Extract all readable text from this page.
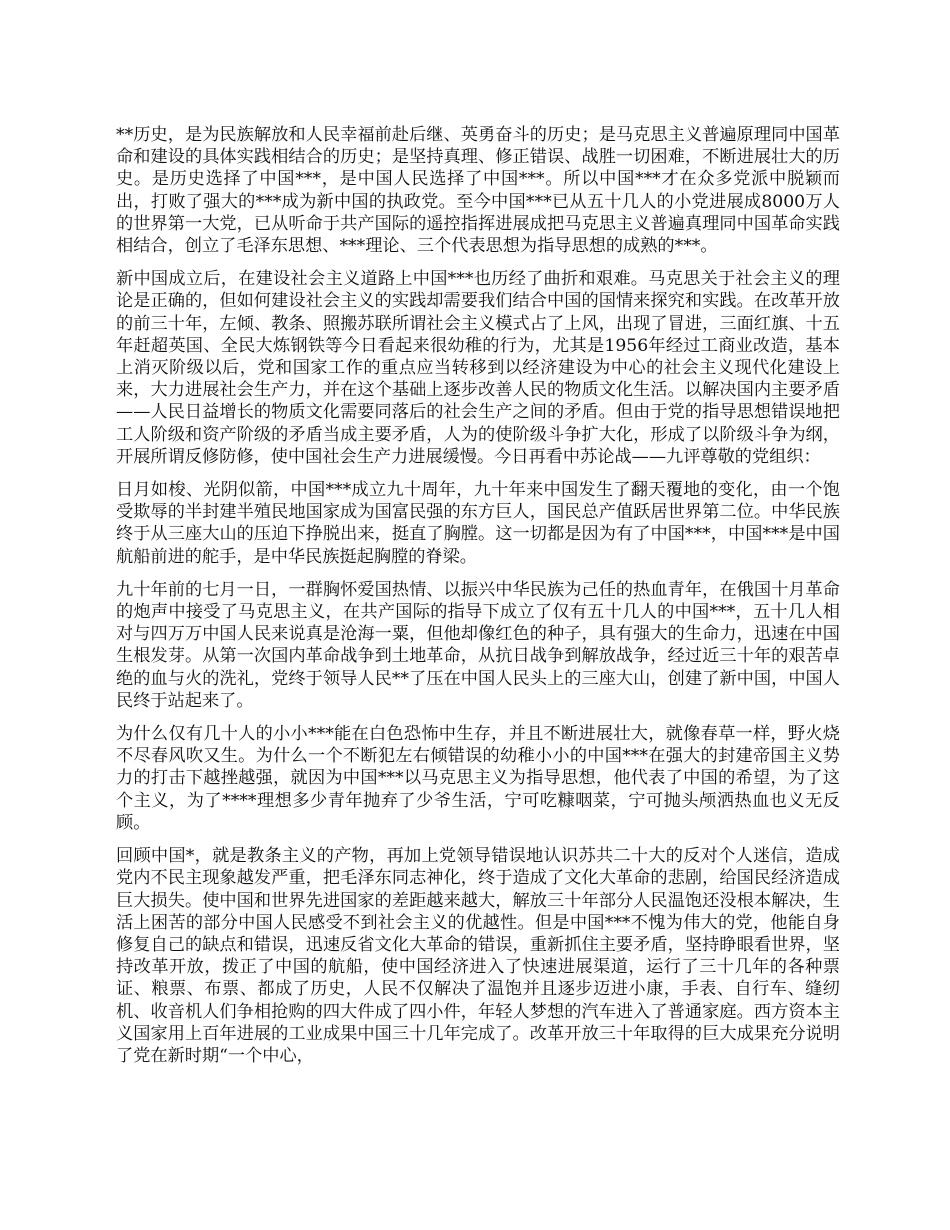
**历史，是为民族解放和人民幸福前赴后继、英勇奋斗的历史；是马克思主义普遍原理同中国革命和建设的具体实践相结合的历史；是坚持真理、修正错误、战胜一切困难，不断进展壮大的历史。是历史选择了中国***，是中国人民选择了中国***。所以中国***才在众多党派中脱颖而出，打败了强大的***成为新中国的执政党。至今中国***已从五十几人的小党进展成8000万人的世界第一大党，已从听命于共产国际的遥控指挥进展成把马克思主义普遍真理同中国革命实践相结合，创立了毛泽东思想、***理论、三个代表思想为指导思想的成熟的***。

新中国成立后，在建设社会主义道路上中国***也历经了曲折和艰难。马克思关于社会主义的理论是正确的，但如何建设社会主义的实践却需要我们结合中国的国情来探究和实践。在改革开放的前三十年，左倾、教条、照搬苏联所谓社会主义模式占了上风，出现了冒进，三面红旗、十五年赶超英国、全民大炼钢铁等今日看起来很幼稚的行为，尤其是1956年经过工商业改造，基本上消灭阶级以后，党和国家工作的重点应当转移到以经济建设为中心的社会主义现代化建设上来，大力进展社会生产力，并在这个基础上逐步改善人民的物质文化生活。以解决国内主要矛盾——人民日益增长的物质文化需要同落后的社会生产之间的矛盾。但由于党的指导思想错误地把工人阶级和资产阶级的矛盾当成主要矛盾，人为的使阶级斗争扩大化，形成了以阶级斗争为纲，开展所谓反修防修，使中国社会生产力进展缓慢。今日再看中苏论战——九评尊敬的党组织：

日月如梭、光阴似箭，中国***成立九十周年，九十年来中国发生了翻天覆地的变化，由一个饱受欺辱的半封建半殖民地国家成为国富民强的东方巨人，国民总产值跃居世界第二位。中华民族终于从三座大山的压迫下挣脱出来，挺直了胸膛。这一切都是因为有了中国***，中国***是中国航船前进的舵手，是中华民族挺起胸膛的脊梁。

九十年前的七月一日，一群胸怀爱国热情、以振兴中华民族为己任的热血青年，在俄国十月革命的炮声中接受了马克思主义，在共产国际的指导下成立了仅有五十几人的中国***，五十几人相对与四万万中国人民来说真是沧海一粟，但他却像红色的种子，具有强大的生命力，迅速在中国生根发芽。从第一次国内革命战争到土地革命，从抗日战争到解放战争，经过近三十年的艰苦卓绝的血与火的洗礼，党终于领导人民**了压在中国人民头上的三座大山，创建了新中国，中国人民终于站起来了。

为什么仅有几十人的小小***能在白色恐怖中生存，并且不断进展壮大，就像春草一样，野火烧不尽春风吹又生。为什么一个不断犯左右倾错误的幼稚小小的中国***在强大的封建帝国主义势力的打击下越挫越强，就因为中国***以马克思主义为指导思想，他代表了中国的希望，为了这个主义，为了****理想多少青年抛弃了少爷生活，宁可吃糠咽菜，宁可抛头颅洒热血也义无反顾。

回顾中国*，就是教条主义的产物，再加上党领导错误地认识苏共二十大的反对个人迷信，造成党内不民主现象越发严重，把毛泽东同志神化，终于造成了文化大革命的悲剧，给国民经济造成巨大损失。使中国和世界先进国家的差距越来越大，解放三十年部分人民温饱还没根本解决，生活上困苦的部分中国人民感受不到社会主义的优越性。但是中国***不愧为伟大的党，他能自身修复自己的缺点和错误，迅速反省文化大革命的错误，重新抓住主要矛盾，坚持睁眼看世界，坚持改革开放，拨正了中国的航船，使中国经济进入了快速进展渠道，运行了三十几年的各种票证、粮票、布票、都成了历史，人民不仅解决了温饱并且逐步迈进小康，手表、自行车、缝纫机、收音机人们争相抢购的四大件成了四小件，年轻人梦想的汽车进入了普通家庭。西方资本主义国家用上百年进展的工业成果中国三十几年完成了。改革开放三十年取得的巨大成果充分说明了党在新时期“一个中心，
